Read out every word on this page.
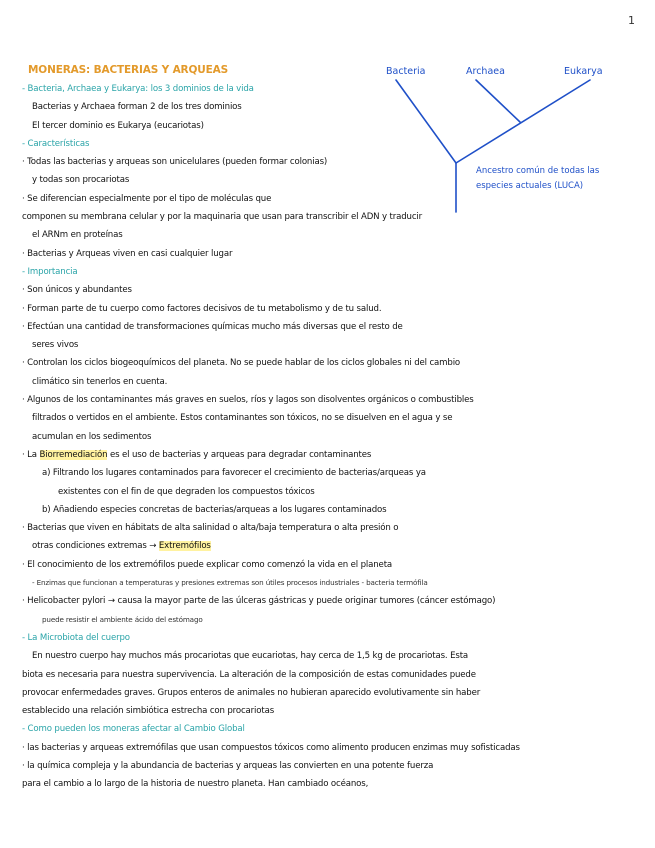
1
MONERAS: BACTERIAS Y ARQUEAS
- Bacteria, Archaea y Eukarya: los 3 dominios de la vida
Bacterias y Archaea forman 2 de los tres dominios
El tercer dominio es Eukarya (eucariotas)
- Características
· Todas las bacterias y arqueas son unicelulares (pueden formar colonias)
y todas son procariotas
· Se diferencian especialmente por el tipo de moléculas que
componen su membrana celular y por la maquinaria que usan para transcribir el ADN y traducir
el ARNm en proteínas
· Bacterias y Arqueas viven en casi cualquier lugar
- Importancia
· Son únicos y abundantes
· Forman parte de tu cuerpo como factores decisivos de tu metabolismo y de tu salud.
· Efectúan una cantidad de transformaciones químicas mucho más diversas que el resto de
seres vivos
· Controlan los ciclos biogeoquímicos del planeta. No se puede hablar de los ciclos globales ni del cambio
climático sin tenerlos en cuenta.
· Algunos de los contaminantes más graves en suelos, ríos y lagos son disolventes orgánicos o combustibles
filtrados o vertidos en el ambiente. Estos contaminantes son tóxicos, no se disuelven en el agua y se
acumulan en los sedimentos
· La Biorremediación es el uso de bacterias y arqueas para degradar contaminantes
a) Filtrando los lugares contaminados para favorecer el crecimiento de bacterias/arqueas ya
existentes con el fin de que degraden los compuestos tóxicos
b) Añadiendo especies concretas de bacterias/arqueas a los lugares contaminados
· Bacterias que viven en hábitats de alta salinidad o alta/baja temperatura o alta presión o
otras condiciones extremas → Extremófilos
· El conocimiento de los extremófilos puede explicar como comenzó la vida en el planeta
- Enzimas que funcionan a temperaturas y presiones extremas son útiles procesos industriales - bacteria termófila
· Helicobacter pylori → causa la mayor parte de las úlceras gástricas y puede originar tumores (cáncer estómago)
puede resistir el ambiente ácido del estómago
- La Microbiota del cuerpo
En nuestro cuerpo hay muchos más procariotas que eucariotas, hay cerca de 1,5 kg de procariotas. Esta
biota es necesaria para nuestra supervivencia. La alteración de la composición de estas comunidades puede
provocar enfermedades graves. Grupos enteros de animales no hubieran aparecido evolutivamente sin haber
establecido una relación simbiótica estrecha con procariotas
- Como pueden los moneras afectar al Cambio Global
· las bacterias y arqueas extremófilas que usan compuestos tóxicos como alimento producen enzimas muy sofisticadas
· la química compleja y la abundancia de bacterias y arqueas las convierten en una potente fuerza
para el cambio a lo largo de la historia de nuestro planeta. Han cambiado océanos,
Bacteria	Archaea	Eukarya
Ancestro común de todas las
especies actuales (LUCA)
